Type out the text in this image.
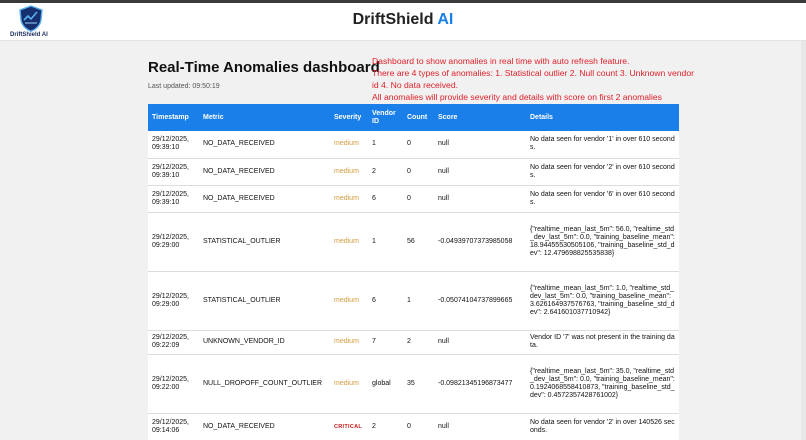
DriftShield AI
DriftShield AI
Real-Time Anomalies dashboard
Last updated: 09:50:19
Dashboard to show anomalies in real time with auto refresh feature.
There are 4 types of anomalies: 1. Statistical outlier 2. Null count 3. Unknown vendor
id 4. No data received.
All anomalies will provide severity and details with score on first 2 anomalies
Timestamp	Metric	Severity	Vendor ID	Count	Score	Details
29/12/2025, 09:39:10	NO_DATA_RECEIVED	medium	1	0	null	No data seen for vendor '1' in over 610 seconds.
29/12/2025, 09:39:10	NO_DATA_RECEIVED	medium	2	0	null	No data seen for vendor '2' in over 610 seconds.
29/12/2025, 09:39:10	NO_DATA_RECEIVED	medium	6	0	null	No data seen for vendor '6' in over 610 seconds.
29/12/2025, 09:29:00	STATISTICAL_OUTLIER	medium	1	56	-0.04939707373985058	{"realtime_mean_last_5m": 56.0, "realtime_std_dev_last_5m": 0.0, "training_baseline_mean": 18.94455530505106, "training_baseline_std_dev": 12.479698825535838}
29/12/2025, 09:29:00	STATISTICAL_OUTLIER	medium	6	1	-0.05074104737899665	{"realtime_mean_last_5m": 1.0, "realtime_std_dev_last_5m": 0.0, "training_baseline_mean": 3.626164937576763, "training_baseline_std_dev": 2.641601037710942}
29/12/2025, 09:22:09	UNKNOWN_VENDOR_ID	medium	7	2	null	Vendor ID '7' was not present in the training data.
29/12/2025, 09:22:00	NULL_DROPOFF_COUNT_OUTLIER	medium	global	35	-0.09821345196873477	{"realtime_mean_last_5m": 35.0, "realtime_std_dev_last_5m": 0.0, "training_baseline_mean": 0.1924068558410873, "training_baseline_std_dev": 0.4572357428761002}
29/12/2025, 09:14:06	NO_DATA_RECEIVED	CRITICAL	2	0	null	No data seen for vendor '2' in over 140526 seconds.
